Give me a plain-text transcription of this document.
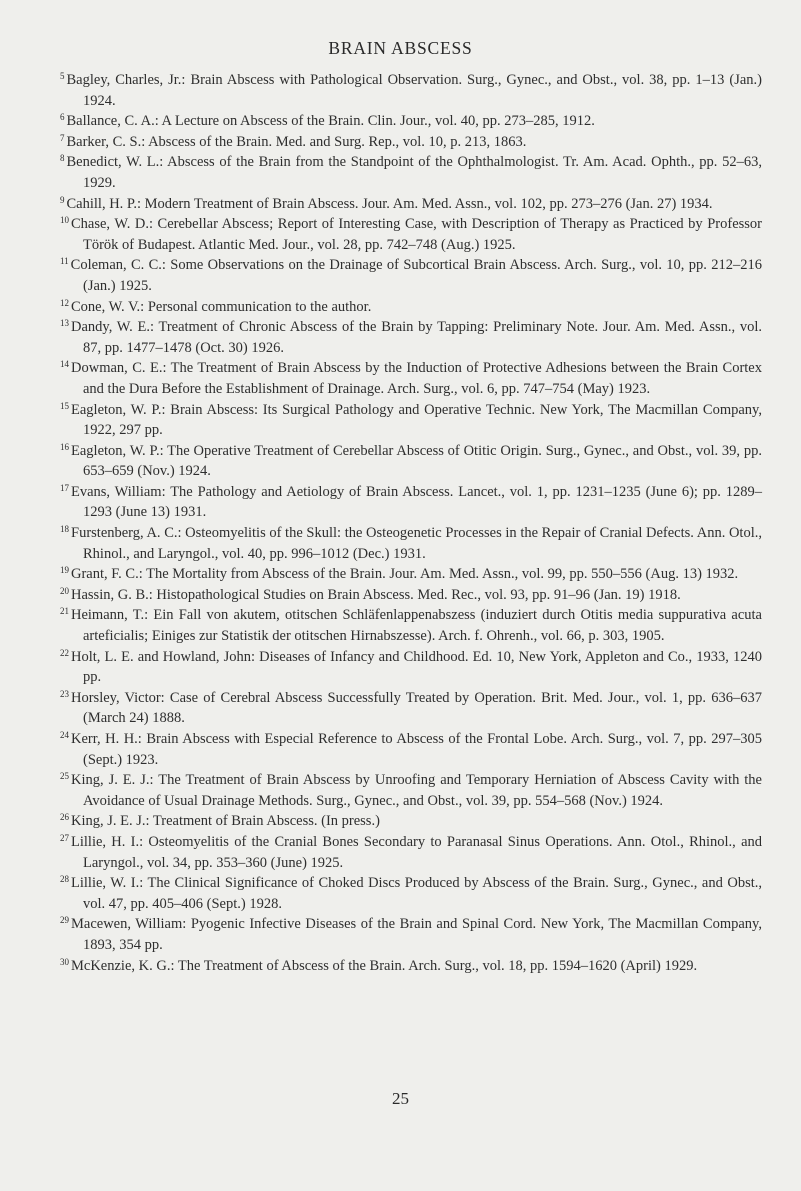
BRAIN ABSCESS
$^5$ Bagley, Charles, Jr.: Brain Abscess with Pathological Observation. Surg., Gynec., and Obst., vol. 38, pp. 1–13 (Jan.) 1924.
$^6$ Ballance, C. A.: A Lecture on Abscess of the Brain. Clin. Jour., vol. 40, pp. 273–285, 1912.
$^7$ Barker, C. S.: Abscess of the Brain. Med. and Surg. Rep., vol. 10, p. 213, 1863.
$^8$ Benedict, W. L.: Abscess of the Brain from the Standpoint of the Ophthalmologist. Tr. Am. Acad. Ophth., pp. 52–63, 1929.
$^9$ Cahill, H. P.: Modern Treatment of Brain Abscess. Jour. Am. Med. Assn., vol. 102, pp. 273–276 (Jan. 27) 1934.
$^{10}$ Chase, W. D.: Cerebellar Abscess; Report of Interesting Case, with Description of Therapy as Practiced by Professor Török of Budapest. Atlantic Med. Jour., vol. 28, pp. 742–748 (Aug.) 1925.
$^{11}$ Coleman, C. C.: Some Observations on the Drainage of Subcortical Brain Abscess. Arch. Surg., vol. 10, pp. 212–216 (Jan.) 1925.
$^{12}$ Cone, W. V.: Personal communication to the author.
$^{13}$ Dandy, W. E.: Treatment of Chronic Abscess of the Brain by Tapping: Preliminary Note. Jour. Am. Med. Assn., vol. 87, pp. 1477–1478 (Oct. 30) 1926.
$^{14}$ Dowman, C. E.: The Treatment of Brain Abscess by the Induction of Protective Adhesions between the Brain Cortex and the Dura Before the Establishment of Drainage. Arch. Surg., vol. 6, pp. 747–754 (May) 1923.
$^{15}$ Eagleton, W. P.: Brain Abscess: Its Surgical Pathology and Operative Technic. New York, The Macmillan Company, 1922, 297 pp.
$^{16}$ Eagleton, W. P.: The Operative Treatment of Cerebellar Abscess of Otitic Origin. Surg., Gynec., and Obst., vol. 39, pp. 653–659 (Nov.) 1924.
$^{17}$ Evans, William: The Pathology and Aetiology of Brain Abscess. Lancet., vol. 1, pp. 1231–1235 (June 6); pp. 1289–1293 (June 13) 1931.
$^{18}$ Furstenberg, A. C.: Osteomyelitis of the Skull: the Osteogenetic Processes in the Repair of Cranial Defects. Ann. Otol., Rhinol., and Laryngol., vol. 40, pp. 996–1012 (Dec.) 1931.
$^{19}$ Grant, F. C.: The Mortality from Abscess of the Brain. Jour. Am. Med. Assn., vol. 99, pp. 550–556 (Aug. 13) 1932.
$^{20}$ Hassin, G. B.: Histopathological Studies on Brain Abscess. Med. Rec., vol. 93, pp. 91–96 (Jan. 19) 1918.
$^{21}$ Heimann, T.: Ein Fall von akutem, otitschen Schläfenlappenabszess (induziert durch Otitis media suppurativa acuta arteficialis; Einiges zur Statistik der otitschen Hirnabszesse). Arch. f. Ohrenh., vol. 66, p. 303, 1905.
$^{22}$ Holt, L. E. and Howland, John: Diseases of Infancy and Childhood. Ed. 10, New York, Appleton and Co., 1933, 1240 pp.
$^{23}$ Horsley, Victor: Case of Cerebral Abscess Successfully Treated by Operation. Brit. Med. Jour., vol. 1, pp. 636–637 (March 24) 1888.
$^{24}$ Kerr, H. H.: Brain Abscess with Especial Reference to Abscess of the Frontal Lobe. Arch. Surg., vol. 7, pp. 297–305 (Sept.) 1923.
$^{25}$ King, J. E. J.: The Treatment of Brain Abscess by Unroofing and Temporary Herniation of Abscess Cavity with the Avoidance of Usual Drainage Methods. Surg., Gynec., and Obst., vol. 39, pp. 554–568 (Nov.) 1924.
$^{26}$ King, J. E. J.: Treatment of Brain Abscess. (In press.)
$^{27}$ Lillie, H. I.: Osteomyelitis of the Cranial Bones Secondary to Paranasal Sinus Operations. Ann. Otol., Rhinol., and Laryngol., vol. 34, pp. 353–360 (June) 1925.
$^{28}$ Lillie, W. I.: The Clinical Significance of Choked Discs Produced by Abscess of the Brain. Surg., Gynec., and Obst., vol. 47, pp. 405–406 (Sept.) 1928.
$^{29}$ Macewen, William: Pyogenic Infective Diseases of the Brain and Spinal Cord. New York, The Macmillan Company, 1893, 354 pp.
$^{30}$ McKenzie, K. G.: The Treatment of Abscess of the Brain. Arch. Surg., vol. 18, pp. 1594–1620 (April) 1929.
25
